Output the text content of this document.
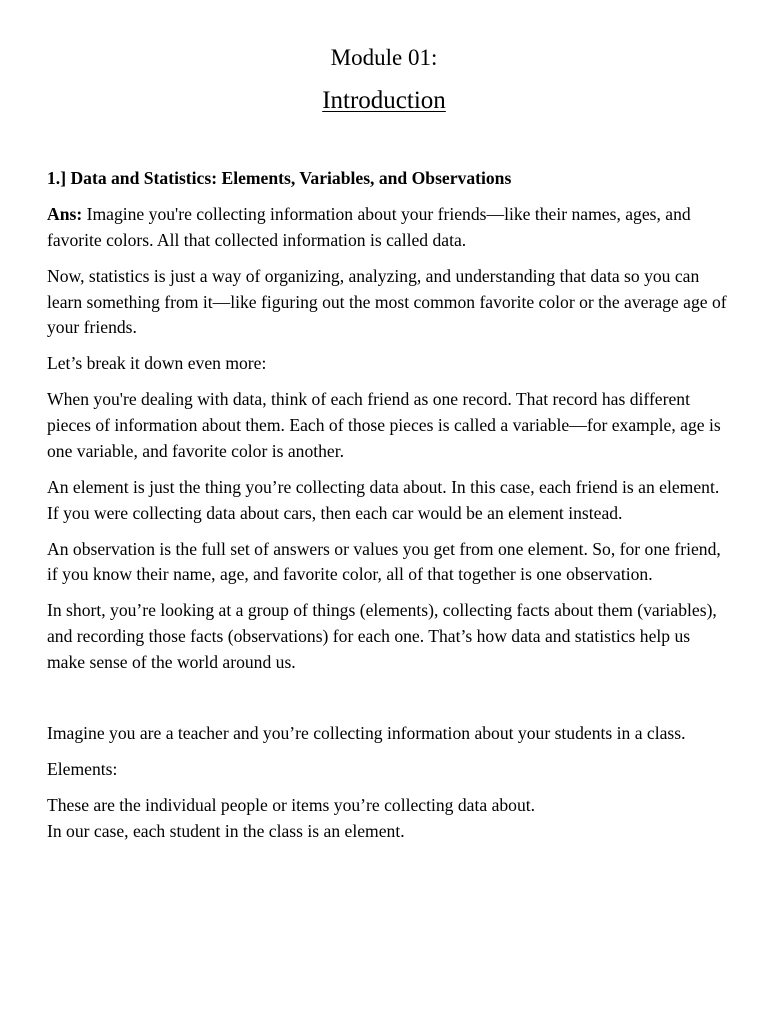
Module 01:
Introduction

1.] Data and Statistics: Elements, Variables, and Observations

Ans: Imagine you're collecting information about your friends—like their names, ages, and favorite colors. All that collected information is called data.

Now, statistics is just a way of organizing, analyzing, and understanding that data so you can learn something from it—like figuring out the most common favorite color or the average age of your friends.

Let’s break it down even more:

When you're dealing with data, think of each friend as one record. That record has different pieces of information about them. Each of those pieces is called a variable—for example, age is one variable, and favorite color is another.

An element is just the thing you’re collecting data about. In this case, each friend is an element. If you were collecting data about cars, then each car would be an element instead.

An observation is the full set of answers or values you get from one element. So, for one friend, if you know their name, age, and favorite color, all of that together is one observation.

In short, you’re looking at a group of things (elements), collecting facts about them (variables), and recording those facts (observations) for each one. That’s how data and statistics help us make sense of the world around us.

Imagine you are a teacher and you’re collecting information about your students in a class.

Elements:

These are the individual people or items you’re collecting data about.
In our case, each student in the class is an element.
